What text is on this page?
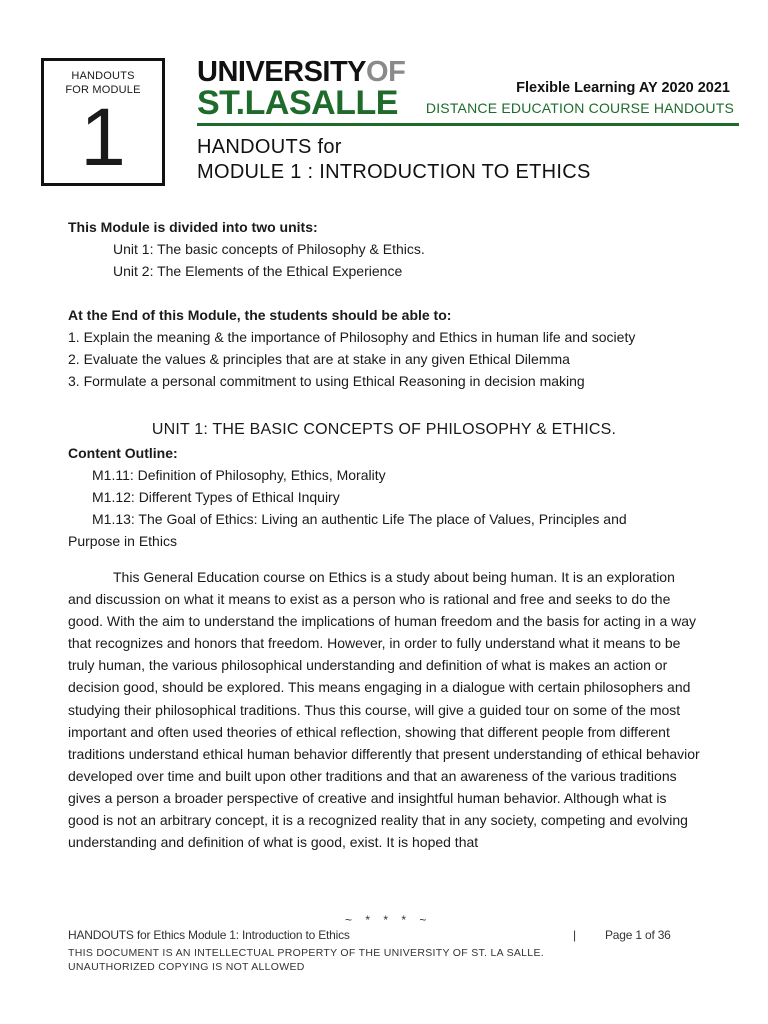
HANDOUTS FOR MODULE
1
UNIVERSITYOF
ST.LASALLE	Flexible Learning AY 2020 2021
DISTANCE EDUCATION COURSE HANDOUTS
HANDOUTS for
MODULE 1 : INTRODUCTION TO ETHICS
This Module is divided into two units:
Unit 1: The basic concepts of Philosophy & Ethics.
Unit 2: The Elements of the Ethical Experience
At the End of this Module, the students should be able to:
1. Explain the meaning & the importance of Philosophy and Ethics in human life and society
2. Evaluate the values & principles that are at stake in any given Ethical Dilemma
3. Formulate a personal commitment to using Ethical Reasoning in decision making
UNIT 1: THE BASIC CONCEPTS OF PHILOSOPHY & ETHICS.
Content Outline:
M1.11: Definition of Philosophy, Ethics, Morality
M1.12: Different Types of Ethical Inquiry
M1.13: The Goal of Ethics: Living an authentic Life The place of Values, Principles and
Purpose in Ethics

This General Education course on Ethics is a study about being human. It is an exploration and discussion on what it means to exist as a person who is rational and free and seeks to do the good. With the aim to understand the implications of human freedom and the basis for acting in a way that recognizes and honors that freedom. However, in order to fully understand what it means to be truly human, the various philosophical understanding and definition of what is makes an action or decision good, should be explored. This means engaging in a dialogue with certain philosophers and studying their philosophical traditions. Thus this course, will give a guided tour on some of the most important and often used theories of ethical reflection, showing that different people from different traditions understand ethical human behavior differently that present understanding of ethical behavior developed over time and built upon other traditions and that an awareness of the various traditions gives a person a broader perspective of creative and insightful human behavior. Although what is good is not an arbitrary concept, it is a recognized reality that in any society, competing and evolving understanding and definition of what is good, exist. It is hoped that

~ * * * ~
HANDOUTS for Ethics Module 1: Introduction to Ethics	| Page 1 of 36
THIS DOCUMENT IS AN INTELLECTUAL PROPERTY OF THE UNIVERSITY OF ST. LA SALLE.
UNAUTHORIZED COPYING IS NOT ALLOWED
